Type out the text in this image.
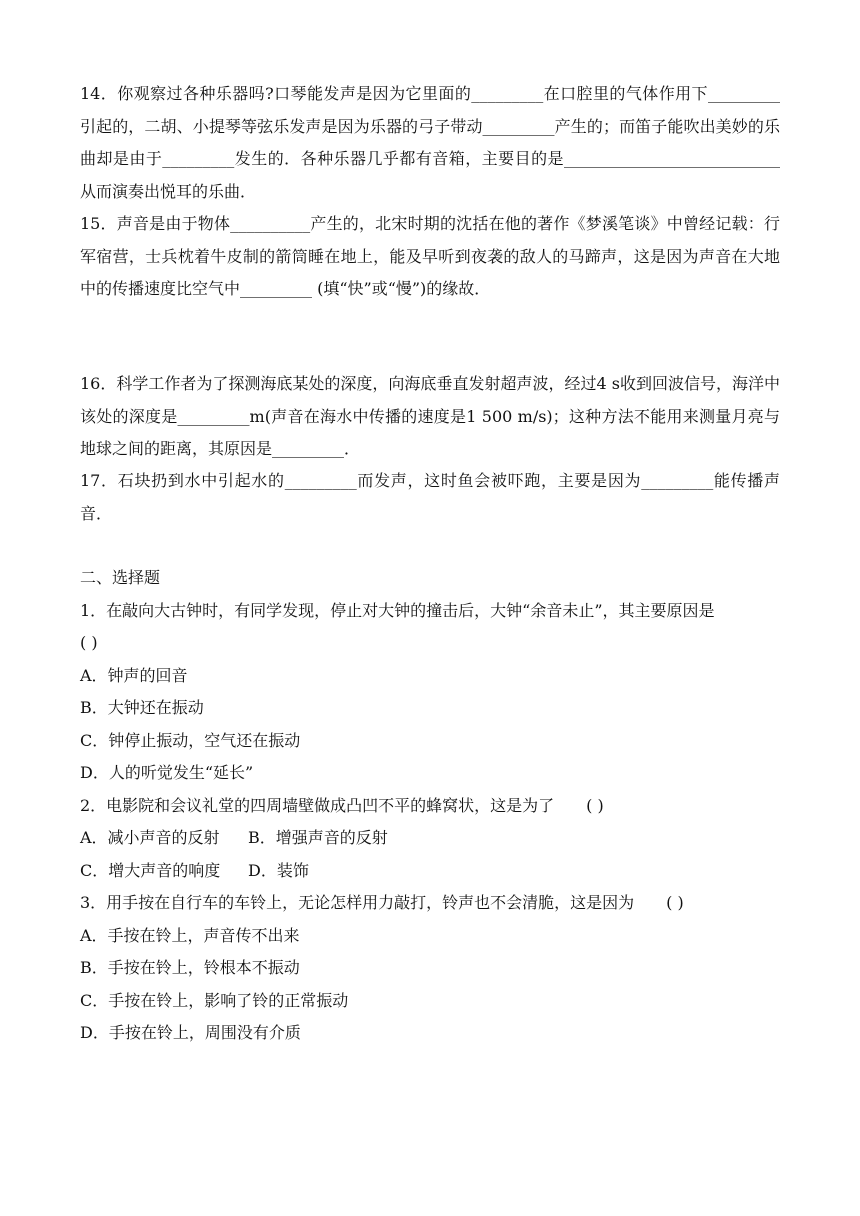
14．你观察过各种乐器吗?口琴能发声是因为它里面的_________在口腔里的气体作用下_________引起的，二胡、小提琴等弦乐发声是因为乐器的弓子带动_________产生的；而笛子能吹出美妙的乐曲却是由于_________发生的．各种乐器几乎都有音箱，主要目的是___________________________从而演奏出悦耳的乐曲．

15．声音是由于物体__________产生的，北宋时期的沈括在他的著作《梦溪笔谈》中曾经记载：行军宿营，士兵枕着牛皮制的箭筒睡在地上，能及早听到夜袭的敌人的马蹄声，这是因为声音在大地中的传播速度比空气中_________ (填“快”或“慢”)的缘故．

16．科学工作者为了探测海底某处的深度，向海底垂直发射超声波，经过4 s收到回波信号，海洋中该处的深度是_________m(声音在海水中传播的速度是1 500 m/s)；这种方法不能用来测量月亮与地球之间的距离，其原因是_________．

17．石块扔到水中引起水的_________而发声，这时鱼会被吓跑，主要是因为_________能传播声音．

二、选择题
1．在敲向大古钟时，有同学发现，停止对大钟的撞击后，大钟“余音未止”，其主要原因是
( )
A．钟声的回音
B．大钟还在振动
C．钟停止振动，空气还在振动
D．人的听觉发生“延长”
2．电影院和会议礼堂的四周墙壁做成凸凹不平的蜂窝状，这是为了　　( )
A．减小声音的反射 B．增强声音的反射
C．增大声音的响度 D．装饰
3．用手按在自行车的车铃上，无论怎样用力敲打，铃声也不会清脆，这是因为　　( )
A．手按在铃上，声音传不出来
B．手按在铃上，铃根本不振动
C．手按在铃上，影响了铃的正常振动
D．手按在铃上，周围没有介质
